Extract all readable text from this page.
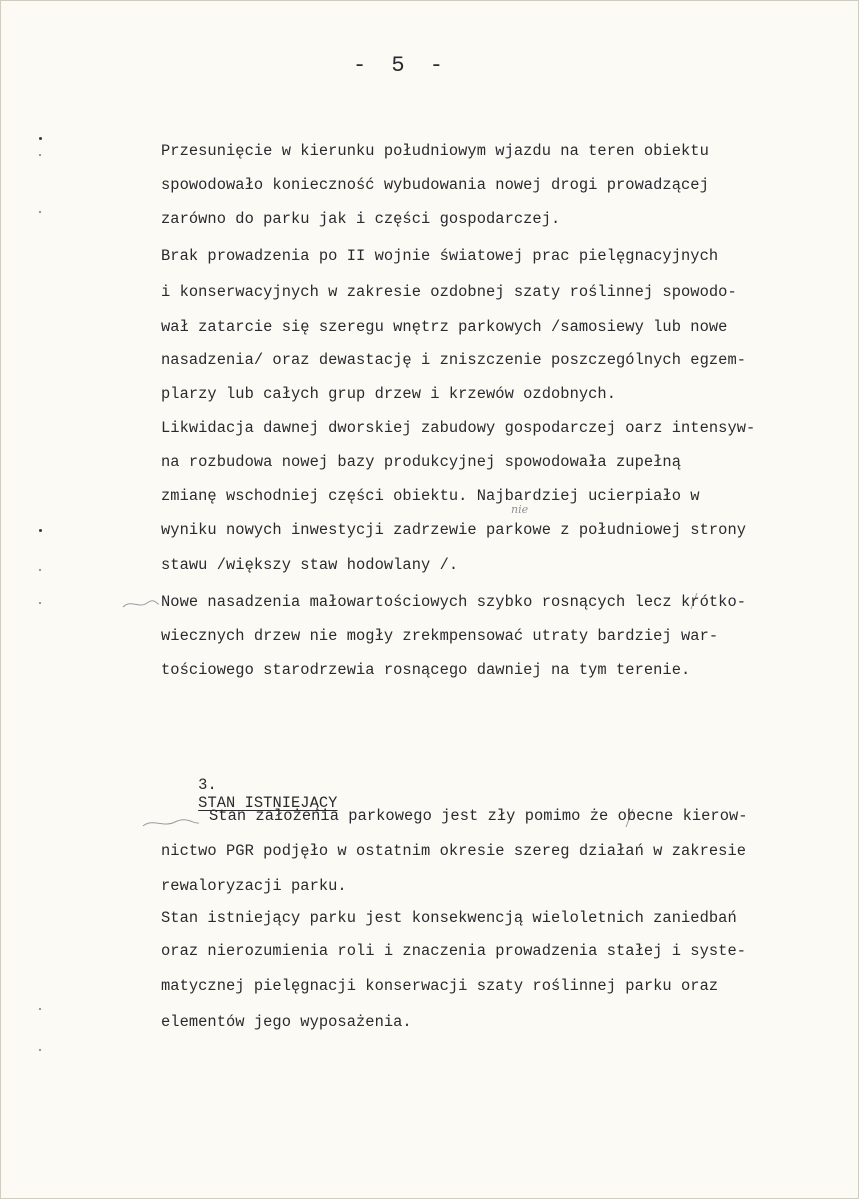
- 5 -
Przesunięcie w kierunku południowym wjazdu na teren obiektu
spowodowało konieczność wybudowania nowej drogi prowadzącej
zarówno do parku jak i części gospodarczej.
Brak prowadzenia po II wojnie światowej prac pielęgnacyjnych
i konserwacyjnych w zakresie ozdobnej szaty roślinnej spowodo-
wał zatarcie się szeregu wnętrz parkowych /samosiewy lub nowe
nasadzenia/ oraz dewastację i zniszczenie poszczególnych egzem-
plarzy lub całych grup drzew i krzewów ozdobnych.
Likwidacja dawnej dworskiej zabudowy gospodarczej oarz intensyw-
na rozbudowa nowej bazy produkcyjnej spowodowała zupełną
zmianę wschodniej części obiektu. Najbardziej ucierpiało w
nie
wyniku nowych inwestycji zadrzewie parkowe z południowej strony
stawu /większy staw hodowlany /.
Nowe nasadzenia małowartościowych szybko rosnących lecz krótko-
wiecznych drzew nie mogły zrekmpensować utraty bardziej war-
tościowego starodrzewia rosnącego dawniej na tym terenie.

3.
STAN ISTNIEJĄCY

Stan założenia parkowego jest zły pomimo że obecne kierow-
nictwo PGR podjęło w ostatnim okresie szereg działań w zakresie
rewaloryzacji parku.
Stan istniejący parku jest konsekwencją wieloletnich zaniedbań
oraz nierozumienia roli i znaczenia prowadzenia stałej i syste-
matycznej pielęgnacji konserwacji szaty roślinnej parku oraz
elementów jego wyposażenia.
